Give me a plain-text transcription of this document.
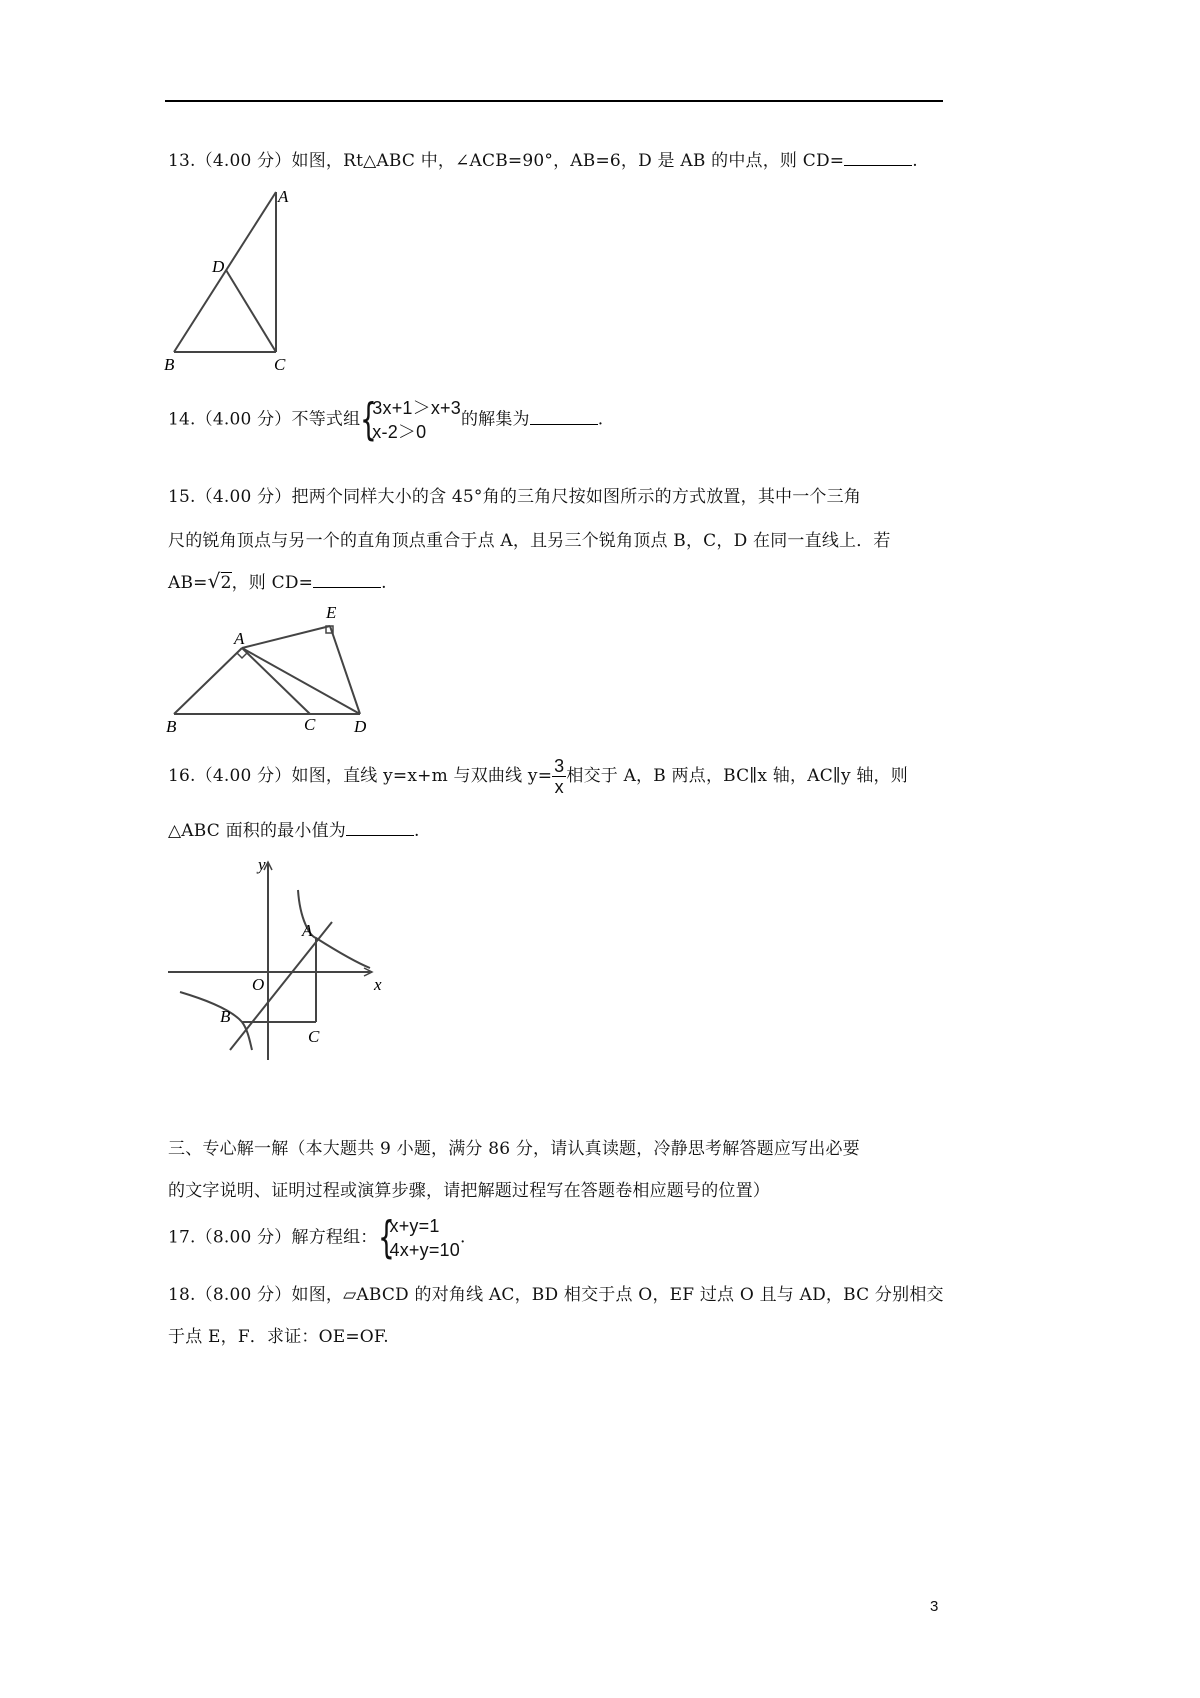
13.（4.00 分）如图，Rt△ABC 中，∠ACB=90°，AB=6，D 是 AB 的中点，则 CD=	.
A
B	C
D
14.（4.00 分）不等式组 {
3x+1＞x+3
x-2＞0
的解集为	.
15.（4.00 分）把两个同样大小的含 45°角的三角尺按如图所示的方式放置，其中一个三角
尺的锐角顶点与另一个的直角顶点重合于点 A，且另三个锐角顶点 B，C，D 在同一直线上．若
AB=√2，则 CD=	.
A
E
B	C D
16.（4.00 分）如图，直线 y=x+m 与双曲线 $y= \frac{3}{x}$ 相交于 A，B 两点，BC∥x 轴，AC∥y 轴，则
△ABC 面积的最小值为	.
y
x
O
A
B
C
三、专心解一解（本大题共 9 小题，满分 86 分，请认真读题，冷静思考解答题应写出必要
的文字说明、证明过程或演算步骤，请把解题过程写在答题卷相应题号的位置）
17.（8.00 分）解方程组： {
x+y=1
4x+y=10
.
18.（8.00 分）如图，▱ABCD 的对角线 AC，BD 相交于点 O，EF 过点 O 且与 AD，BC 分别相交
于点 E，F．求证：OE=OF.
3
